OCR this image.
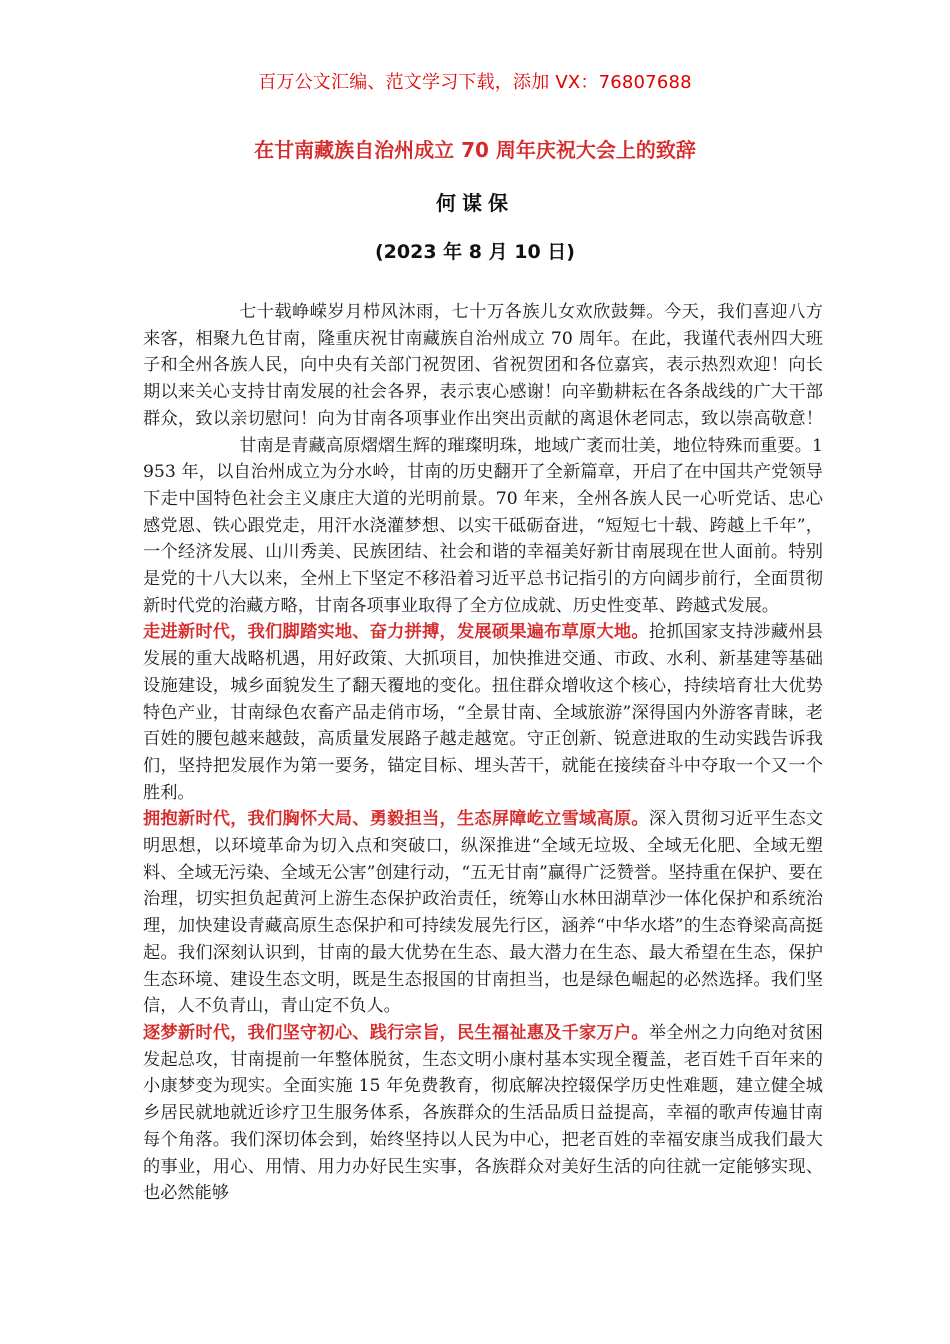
百万公文汇编、范文学习下载，添加 VX：76807688
在甘南藏族自治州成立 70 周年庆祝大会上的致辞
何谋保
(2023 年 8 月 10 日)

七十载峥嵘岁月栉风沐雨，七十万各族儿女欢欣鼓舞。今天，我们喜迎八方来客，相聚九色甘南，隆重庆祝甘南藏族自治州成立 70 周年。在此，我谨代表州四大班子和全州各族人民，向中央有关部门祝贺团、省祝贺团和各位嘉宾，表示热烈欢迎！向长期以来关心支持甘南发展的社会各界，表示衷心感谢！向辛勤耕耘在各条战线的广大干部群众，致以亲切慰问！向为甘南各项事业作出突出贡献的离退休老同志，致以崇高敬意！甘南是青藏高原熠熠生辉的璀璨明珠，地域广袤而壮美，地位特殊而重要。1953 年，以自治州成立为分水岭，甘南的历史翻开了全新篇章，开启了在中国共产党领导下走中国特色社会主义康庄大道的光明前景。70 年来，全州各族人民一心听党话、忠心感党恩、铁心跟党走，用汗水浇灌梦想、以实干砥砺奋进，“短短七十载、跨越上千年”，一个经济发展、山川秀美、民族团结、社会和谐的幸福美好新甘南展现在世人面前。特别是党的十八大以来，全州上下坚定不移沿着习近平总书记指引的方向阔步前行，全面贯彻新时代党的治藏方略，甘南各项事业取得了全方位成就、历史性变革、跨越式发展。

走进新时代，我们脚踏实地、奋力拼搏，发展硕果遍布草原大地。抢抓国家支持涉藏州县发展的重大战略机遇，用好政策、大抓项目，加快推进交通、市政、水利、新基建等基础设施建设，城乡面貌发生了翻天覆地的变化。扭住群众增收这个核心，持续培育壮大优势特色产业，甘南绿色农畜产品走俏市场，“全景甘南、全域旅游”深得国内外游客青睐，老百姓的腰包越来越鼓，高质量发展路子越走越宽。守正创新、锐意进取的生动实践告诉我们，坚持把发展作为第一要务，锚定目标、埋头苦干，就能在接续奋斗中夺取一个又一个胜利。

拥抱新时代，我们胸怀大局、勇毅担当，生态屏障屹立雪域高原。深入贯彻习近平生态文明思想，以环境革命为切入点和突破口，纵深推进“全域无垃圾、全域无化肥、全域无塑料、全域无污染、全域无公害”创建行动，“五无甘南”赢得广泛赞誉。坚持重在保护、要在治理，切实担负起黄河上游生态保护政治责任，统筹山水林田湖草沙一体化保护和系统治理，加快建设青藏高原生态保护和可持续发展先行区，涵养“中华水塔”的生态脊梁高高挺起。我们深刻认识到，甘南的最大优势在生态、最大潜力在生态、最大希望在生态，保护生态环境、建设生态文明，既是生态报国的甘南担当，也是绿色崛起的必然选择。我们坚信，人不负青山，青山定不负人。

逐梦新时代，我们坚守初心、践行宗旨，民生福祉惠及千家万户。举全州之力向绝对贫困发起总攻，甘南提前一年整体脱贫，生态文明小康村基本实现全覆盖，老百姓千百年来的小康梦变为现实。全面实施 15 年免费教育，彻底解决控辍保学历史性难题，建立健全城乡居民就地就近诊疗卫生服务体系，各族群众的生活品质日益提高，幸福的歌声传遍甘南每个角落。我们深切体会到，始终坚持以人民为中心，把老百姓的幸福安康当成我们最大的事业，用心、用情、用力办好民生实事，各族群众对美好生活的向往就一定能够实现、也必然能够
